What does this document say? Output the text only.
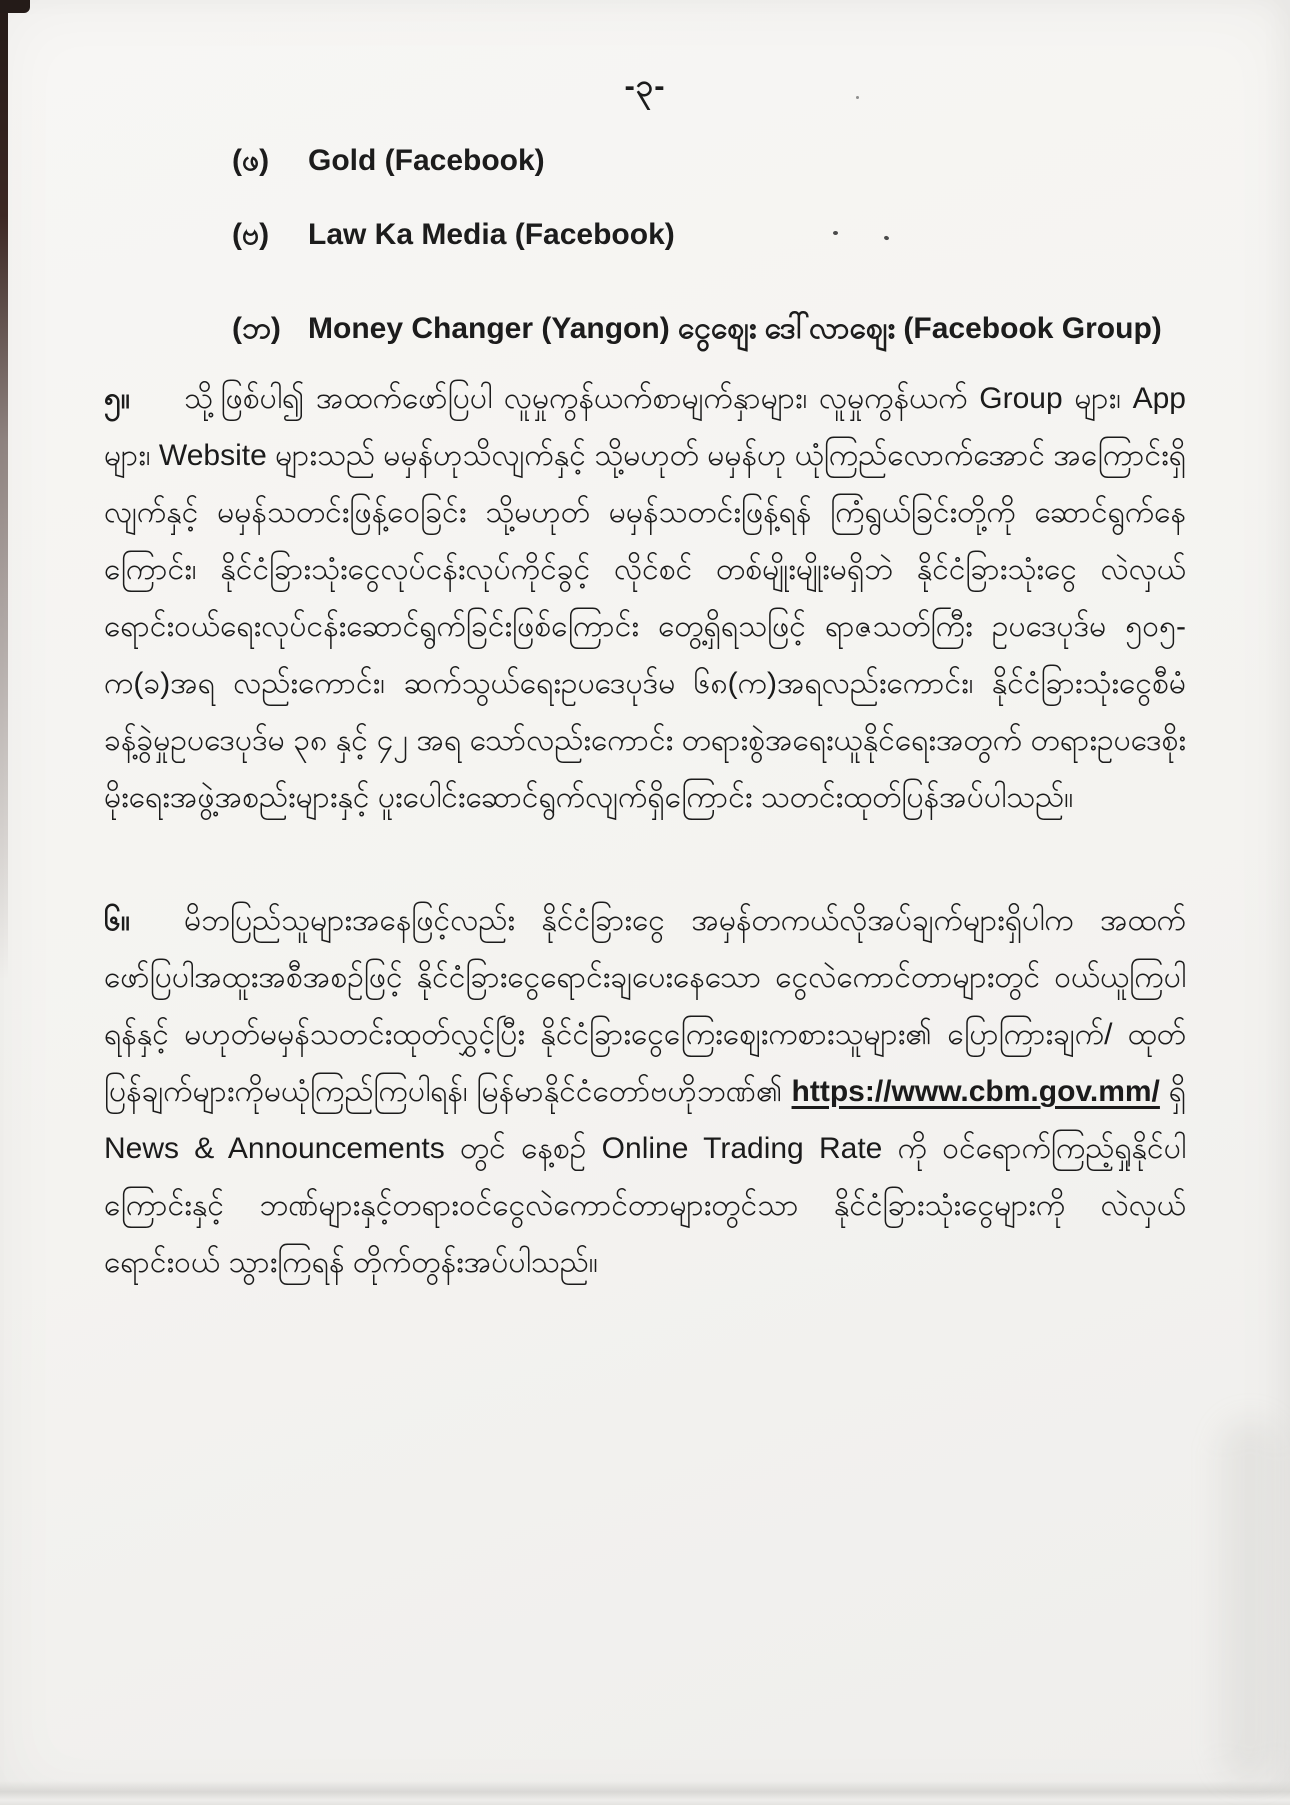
-၃-
(ဖ) Gold (Facebook)
(ဗ) Law Ka Media (Facebook)
(ဘ) Money Changer (Yangon) ငွေစျေး ဒေါ်လာစျေး (Facebook Group)
၅။ သို့ဖြစ်ပါ၍ အထက်ဖော်ပြပါ လူမှုကွန်ယက်စာမျက်နှာများ၊ လူမှုကွန်ယက် Group များ၊ App များ၊ Website များသည် မမှန်ဟုသိလျက်နှင့် သို့မဟုတ် မမှန်ဟု ယုံကြည်လောက်အောင် အကြောင်းရှိလျက်နှင့် မမှန်သတင်းဖြန့်ဝေခြင်း သို့မဟုတ် မမှန်သတင်းဖြန့်ရန် ကြံရွယ်ခြင်းတို့ကို ဆောင်ရွက်နေကြောင်း၊ နိုင်ငံခြားသုံးငွေလုပ်ငန်းလုပ်ကိုင်ခွင့် လိုင်စင် တစ်မျိုးမျိုးမရှိဘဲ နိုင်ငံခြားသုံးငွေ လဲလှယ်ရောင်းဝယ်ရေးလုပ်ငန်းဆောင်ရွက်ခြင်းဖြစ်ကြောင်း တွေ့ရှိရသဖြင့် ရာဇသတ်ကြီး ဥပဒေပုဒ်မ ၅၀၅-က(ခ)အရ လည်းကောင်း၊ ဆက်သွယ်ရေးဥပဒေပုဒ်မ ၆၈(က)အရလည်းကောင်း၊ နိုင်ငံခြားသုံးငွေစီမံခန့်ခွဲမှုဥပဒေပုဒ်မ ၃၈ နှင့် ၄၂ အရ သော်လည်းကောင်း တရားစွဲအရေးယူနိုင်ရေးအတွက် တရားဥပဒေစိုးမိုးရေးအဖွဲ့အစည်းများနှင့် ပူးပေါင်းဆောင်ရွက်လျက်ရှိကြောင်း သတင်းထုတ်ပြန်အပ်ပါသည်။
၆။ မိဘပြည်သူများအနေဖြင့်လည်း နိုင်ငံခြားငွေ အမှန်တကယ်လိုအပ်ချက်များရှိပါက အထက် ဖော်ပြပါအထူးအစီအစဉ်ဖြင့် နိုင်ငံခြားငွေရောင်းချပေးနေသော ငွေလဲကောင်တာများတွင် ဝယ်ယူကြပါရန်နှင့် မဟုတ်မမှန်သတင်းထုတ်လွှင့်ပြီး နိုင်ငံခြားငွေကြေးစျေးကစားသူများ၏ ပြောကြားချက်/ ထုတ်ပြန်ချက်များကိုမယုံကြည်ကြပါရန်၊ မြန်မာနိုင်ငံတော်ဗဟိုဘဏ်၏ https://www.cbm.gov.mm/ ရှိ News & Announcements တွင် နေ့စဉ် Online Trading Rate ကို ဝင်ရောက်ကြည့်ရှုနိုင်ပါကြောင်းနှင့် ဘဏ်များနှင့်တရားဝင်ငွေလဲကောင်တာများတွင်သာ နိုင်ငံခြားသုံးငွေများကို လဲလှယ်ရောင်းဝယ် သွားကြရန် တိုက်တွန်းအပ်ပါသည်။
